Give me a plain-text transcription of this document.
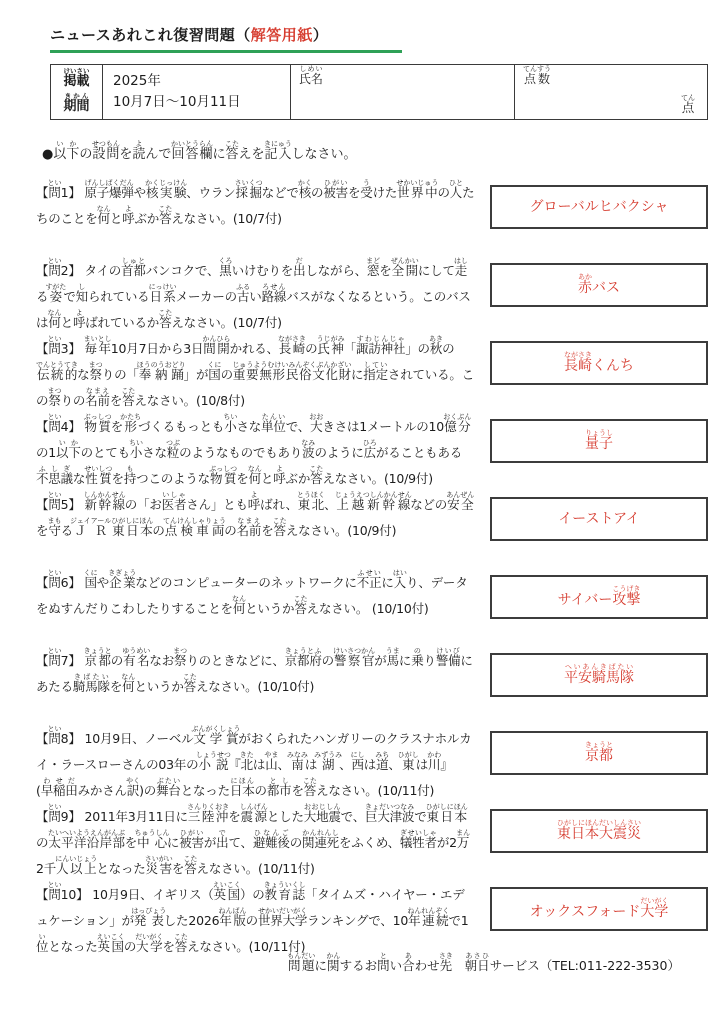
ニュースあれこれ復習問題（解答用紙）
掲載けいさい
期間きかん
2025年
10月7日～10月11日
氏名しめい
点数てんすう
点てん
●以下いかの設問せつもんを読よんで回答欄かいとうらんに答こたえを記入きにゅうしなさい。
【問とい1】 原子爆弾げんしばくだんや核実験かくじっけん、ウラン採掘さいくつなどで核かくの被害ひがいを受うけた世界中せかいじゅうの人ひとたちのことを何なんと呼よぶか答こたえなさい。(10/7付)
グローバルヒバクシャ
【問とい2】 タイの首都しゅとバンコクで、黒くろいけむりを出だしながら、窓まどを全開ぜんかいにして走はしる姿すがたで知しられている日系にっけいメーカーの古ふるい路線ろせんバスがなくなるという。このバスは何なんと呼よばれているか答こたえなさい。(10/7付)
赤あかバス
【問とい3】 毎年まいとし10月7日から3日間開かんひらかれる、長崎ながさきの氏神うじがみ「諏訪神社すわじんじゃ」の秋あきの伝統的でんとうてきな祭まつりの「奉納踊ほうのうおどり」が国くにの重要無形民俗文化財じゅうようむけいみんぞくぶんかざいに指定していされている。この祭まつりの名前なまえを答こたえなさい。(10/8付)
長崎ながさきくんち
【問とい4】 物質ぶっしつを形かたちづくるもっとも小ちいさな単位たんいで、大おおきさは1メートルの10億分おくぶんの1以下いかのとても小ちいさな粒つぶのようなものでもあり波なみのように広ひろがることもある不思議ふしぎな性質せいしつを持もつこのような物質ぶっしつを何なんと呼よぶか答こたえなさい。(10/9付)
量子りょうし
【問とい5】 新幹線しんかんせんの「お医者いしゃさん」とも呼よばれ、東北とうほく、上越新幹線じょうえつしんかんせんなどの安全あんぜんを守まもるＪＲジェイアール東日本ひがしにほんの点検車両てんけんしゃりょうの名前なまえを答こたえなさい。(10/9付)
イーストアイ
【問とい6】 国くにや企業きぎょうなどのコンピューターのネットワークに不正ふせいに入はいり、データをぬすんだりこわしたりすることを何なんというか答こたえなさい。 (10/10付)
サイバー攻撃こうげき
【問とい7】 京都きょうとの有名ゆうめいなお祭まつりのときなどに、京都府きょうとふの警察官けいさつかんが馬うまに乗のり警備けいびにあたる騎馬隊きばたいを何なんというか答こたえなさい。(10/10付)
平安騎馬隊へいあんきばたい
【問とい8】 10月9日、ノーベル文学賞ぶんがくしょうがおくられたハンガリーのクラスナホルカイ・ラースローさんの03年の小説しょうせつ『北きたは山やま、南みなみは湖みずうみ、西にしは道みち、東ひがしは川かわ』(早稲田わせだみかさん訳やく)の舞台ぶたいとなった日本にほんの都市としを答こたえなさい。(10/11付)
京都きょうと
【問とい9】 2011年3月11日に三陸沖さんりくおきを震源しんげんとした大地震おおじしんで、巨大津波きょだいつなみで東日本ひがしにほんの太平洋沿岸部たいへいようえんがんぶを中心ちゅうしんに被害ひがいが出でて、避難後ひなんごの関連死かんれんしをふくめ、犠牲者ぎせいしゃが2万まん2千人にん以上いじょうとなった災害さいがいを答こたえなさい。(10/11付)
東日本大震災ひがしにほんだいしんさい
【問とい10】 10月9日、イギリス（英国えいこく）の教育誌きょういくし「タイムズ・ハイヤー・エデュケーション」が発表はっぴょうした2026年版ねんばんの世界大学せかいだいがくランキングで、10年連続ねんれんぞくで1位いとなった英国えいこくの大学だいがくを答こたえなさい。(10/11付)
オックスフォード大学だいがく
問題もんだいに関かんするお問とい合あわせ先さき　朝日あさひサービス（TEL:011-222-3530）
